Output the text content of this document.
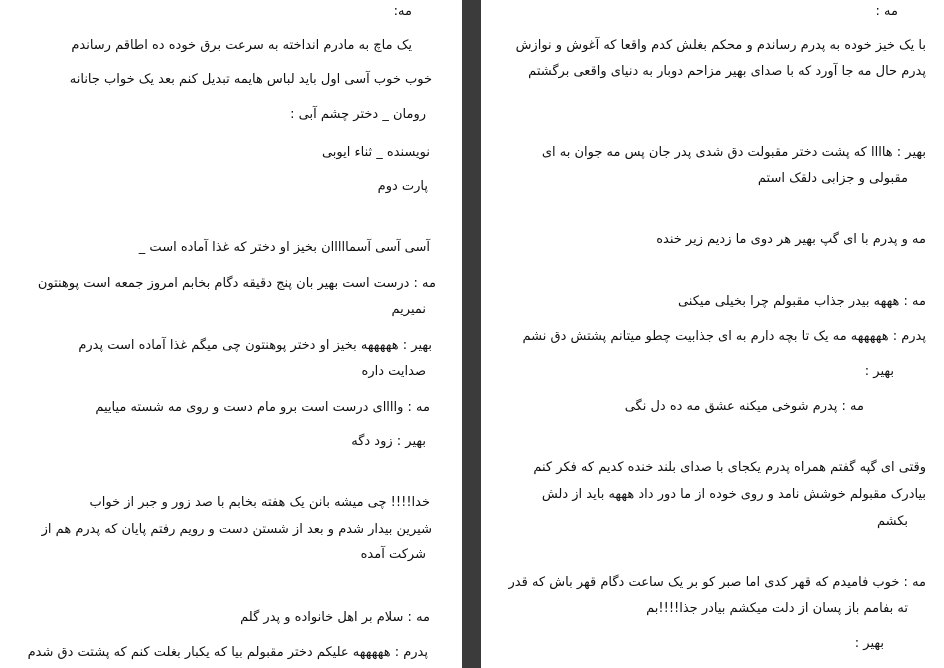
مه:
یک ماچ به مادرم انداخته به سرعت برق خوده ده اطاقم رساندم
خوب خوب آسی اول باید لباس هایمه تبدیل کنم بعد یک خواب جانانه
رومان _ دختر چشم آبی :
نویسنده _ ثناء ایوبی
پارت دوم
آسی آسی آسمااااان بخیز او دختر که غذا آماده است _
مه : درست است بهیر بان پنج دقیقه دگام بخابم امروز جمعه است پوهنتون
نمیریم
بهیر : هههههه بخیز او دختر پوهنتون چی میگم غذا آماده است پدرم
صدایت داره
مه : واااای درست است برو مام دست و روی مه شسته میاییم
بهیر : زود دگه
خدا!!!! چی میشه بانن یک هفته بخابم با صد زور و جبر از خواب
شیرین بیدار شدم و بعد از شستن دست و رویم رفتم پایان که پدرم هم از
شرکت آمده
مه : سلام بر اهل خانواده و پدر گلم
پدرم : هههههه علیکم دختر مقبولم بیا که یکبار بغلت کنم که پشتت دق شدم
مه :
با یک خیز خوده به پدرم رساندم و محکم بغلش کدم واقعا که آغوش و نوازش
پدرم حال مه جا آورد که با صدای بهیر مزاحم دوبار به دنیای واقعی برگشتم
بهیر : هاااا که پشت دختر مقبولت دق شدی پدر جان پس مه جوان به ای
مقبولی و جزابی دلقک استم
مه و پدرم با ای گپ بهیر هر دوی ما زدیم زیر خنده
مه : هههه بیدر جذاب مقبولم چرا بخیلی میکنی
پدرم : هههههه مه یک تا بچه دارم به ای جذابیت چطو میتانم پشتش دق نشم
بهیر :
مه : پدرم شوخی میکنه عشق مه ده دل نگی
وقتی ای گپه گفتم همراه پدرم یکجای با صدای بلند خنده کدیم که فکر کنم
بیادرک مقبولم خوشش نامد و روی خوده از ما دور داد هههه باید از دلش
بکشم
مه : خوب فامیدم که قهر کدی اما صبر کو بر یک ساعت دگام قهر باش که قدر
ته بفامم باز پسان از دلت میکشم بیادر جذا!!!!بم
بهیر :
